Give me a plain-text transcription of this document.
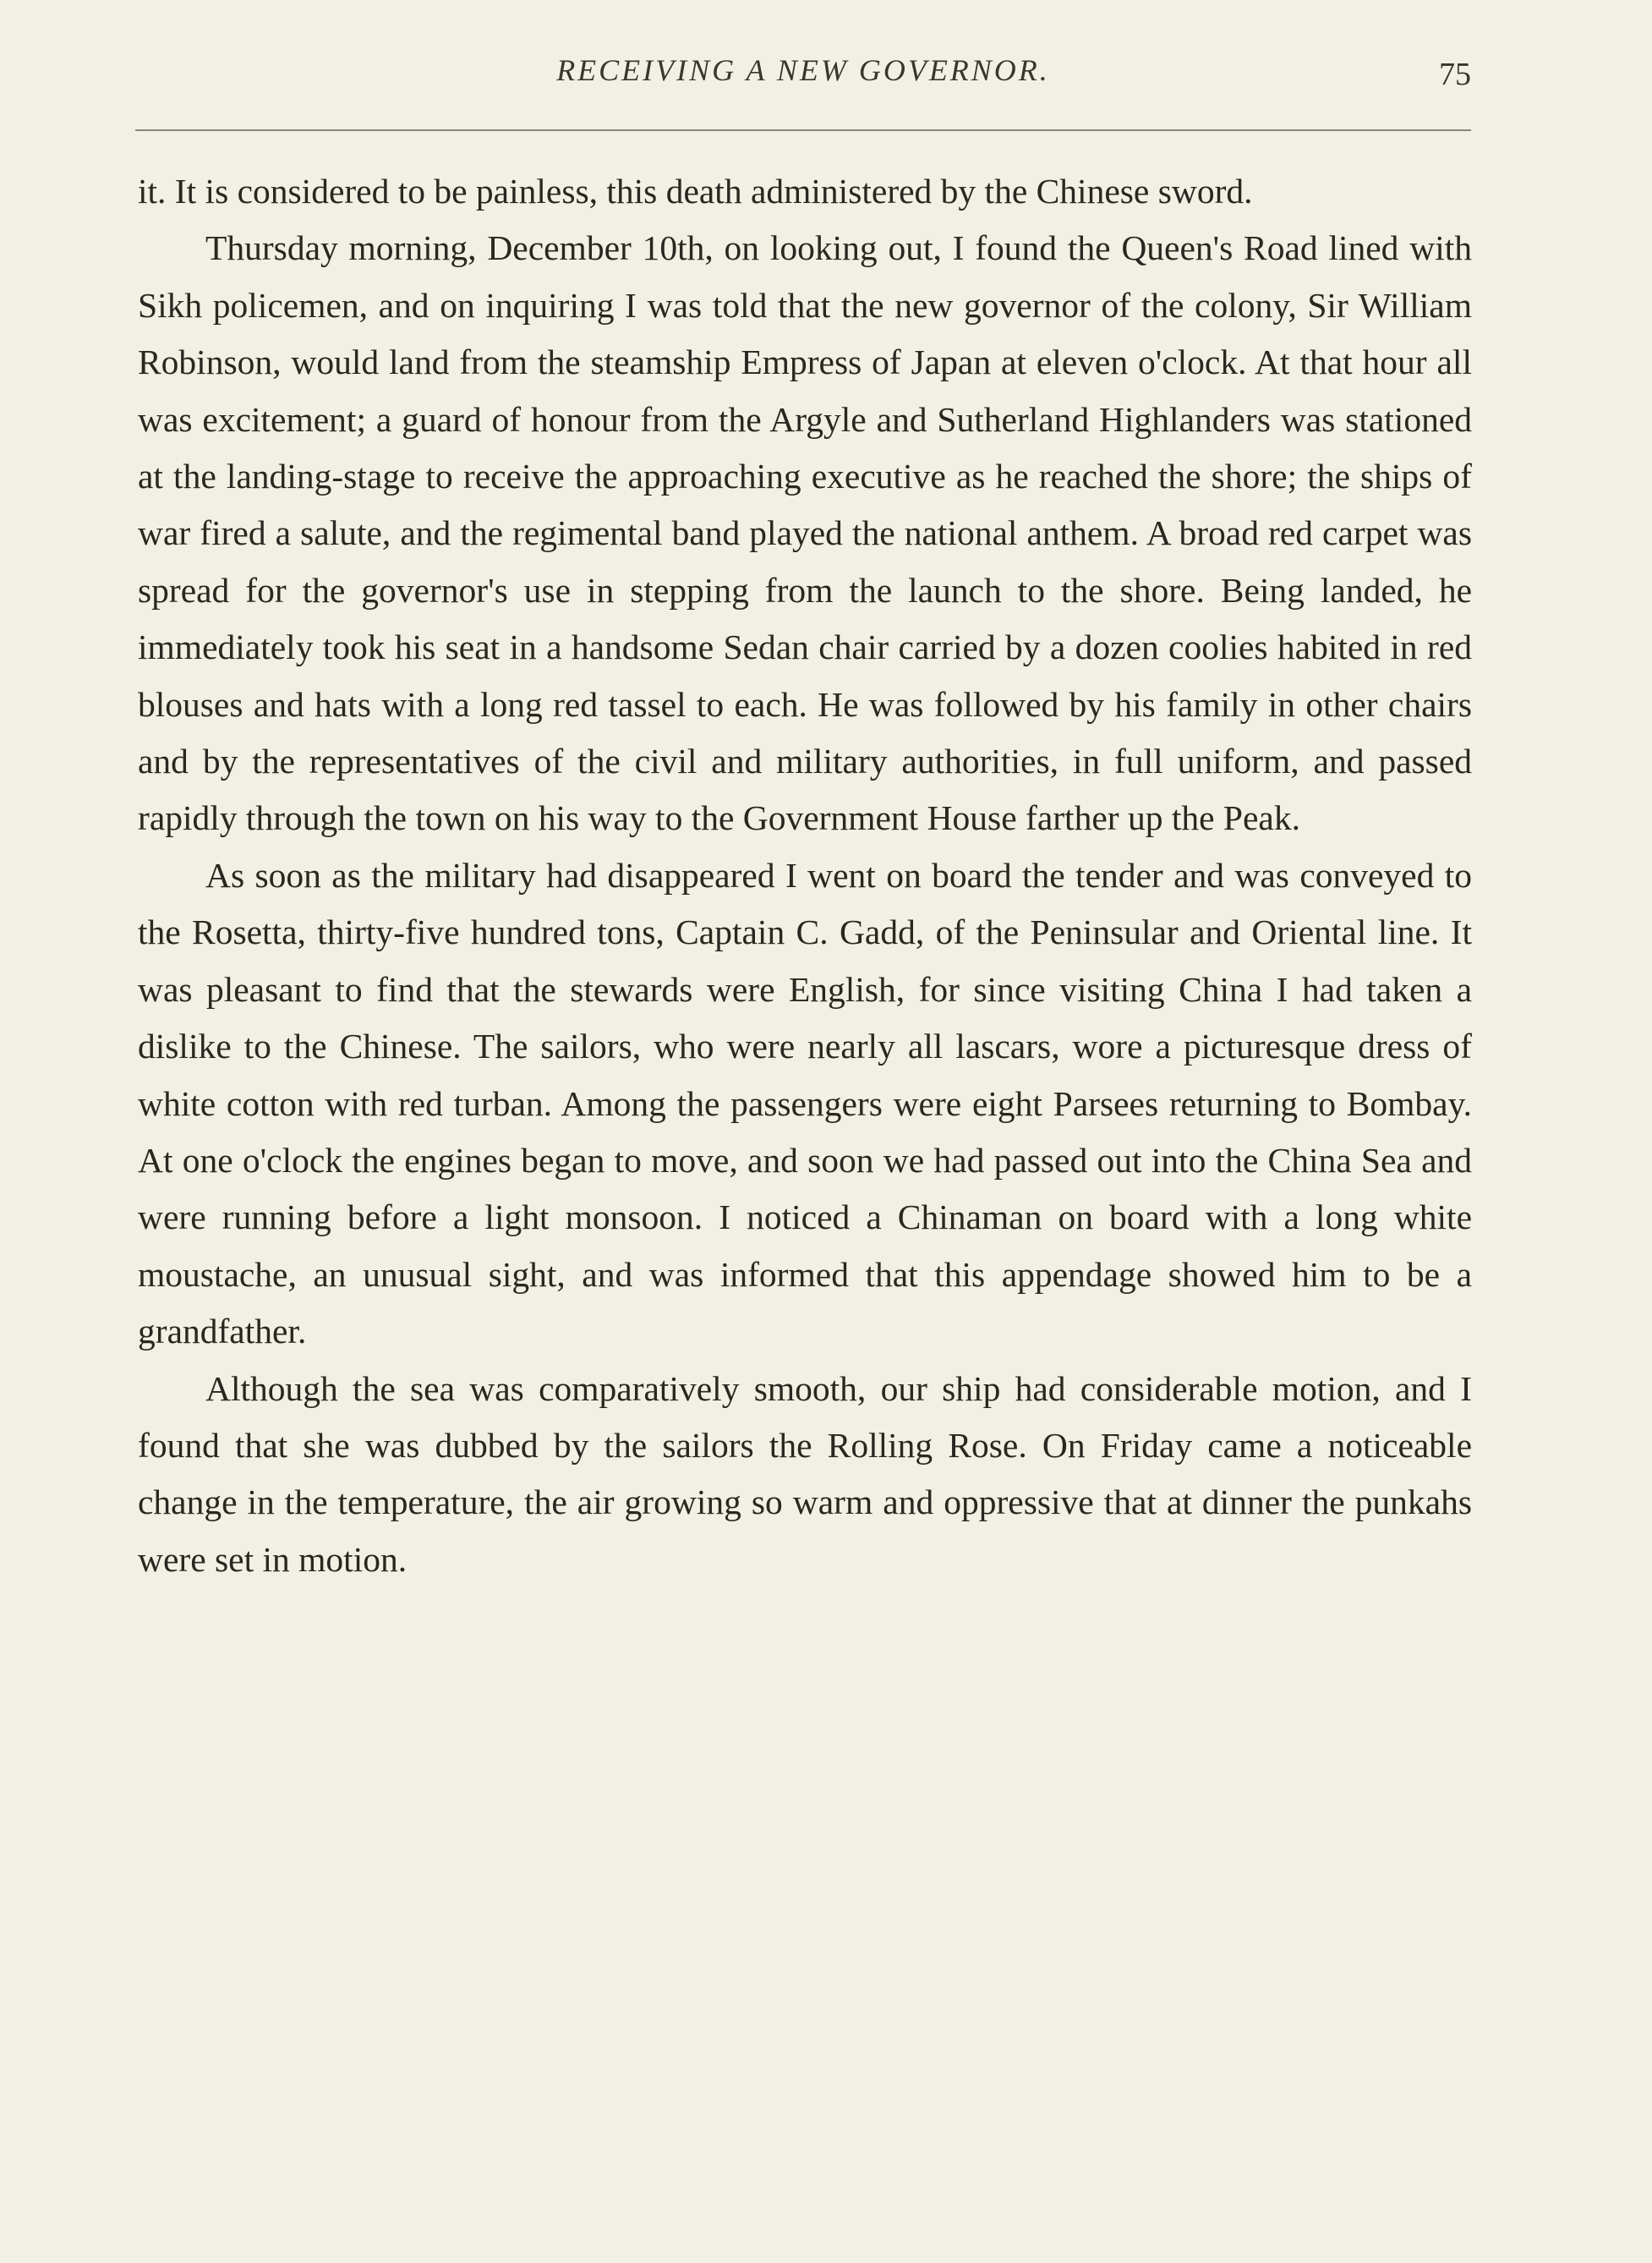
RECEIVING A NEW GOVERNOR.	75

it. It is considered to be painless, this death administered by the Chinese sword.

Thursday morning, December 10th, on looking out, I found the Queen's Road lined with Sikh policemen, and on inquiring I was told that the new governor of the colony, Sir William Robinson, would land from the steamship Empress of Japan at eleven o'clock. At that hour all was excitement; a guard of honour from the Argyle and Sutherland Highlanders was stationed at the landing-stage to receive the approaching executive as he reached the shore; the ships of war fired a salute, and the regimental band played the national anthem. A broad red carpet was spread for the governor's use in stepping from the launch to the shore. Being landed, he immediately took his seat in a handsome Sedan chair carried by a dozen coolies habited in red blouses and hats with a long red tassel to each. He was followed by his family in other chairs and by the representatives of the civil and military authorities, in full uniform, and passed rapidly through the town on his way to the Government House farther up the Peak.

As soon as the military had disappeared I went on board the tender and was conveyed to the Rosetta, thirty-five hundred tons, Captain C. Gadd, of the Peninsular and Oriental line. It was pleasant to find that the stewards were English, for since visiting China I had taken a dislike to the Chinese. The sailors, who were nearly all lascars, wore a picturesque dress of white cotton with red turban. Among the passengers were eight Parsees returning to Bombay. At one o'clock the engines began to move, and soon we had passed out into the China Sea and were running before a light monsoon. I noticed a Chinaman on board with a long white moustache, an unusual sight, and was informed that this appendage showed him to be a grandfather.

Although the sea was comparatively smooth, our ship had considerable motion, and I found that she was dubbed by the sailors the Rolling Rose. On Friday came a noticeable change in the temperature, the air growing so warm and oppressive that at dinner the punkahs were set in motion.
